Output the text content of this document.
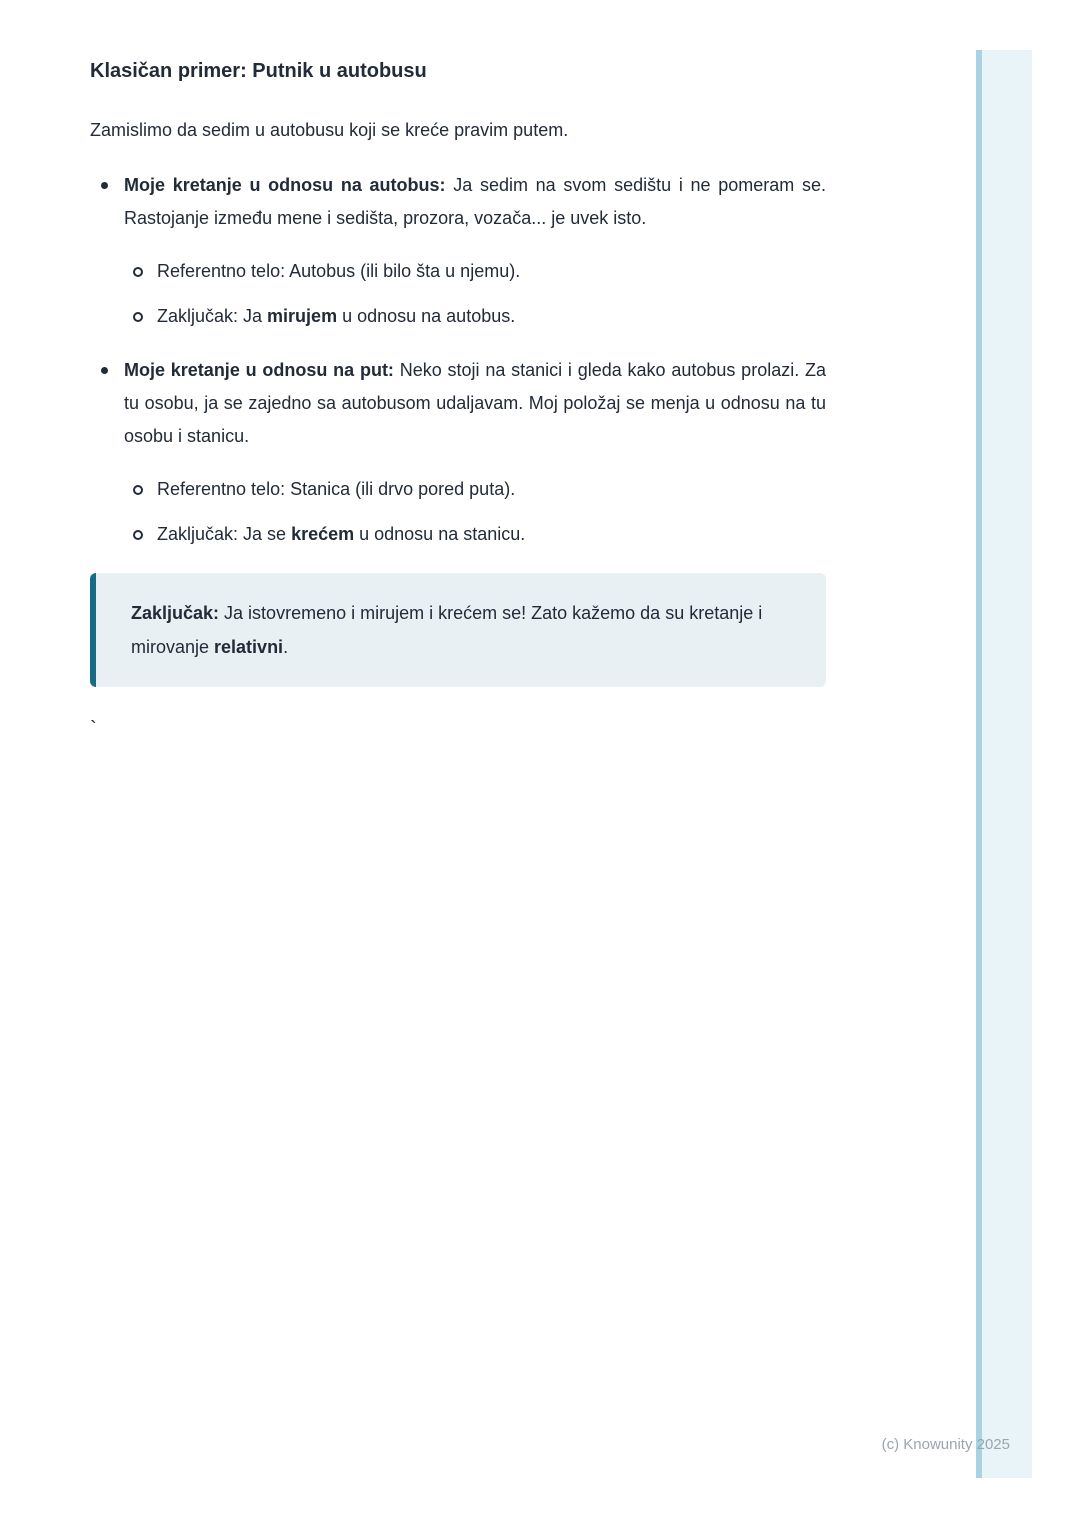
Klasičan primer: Putnik u autobusu

Zamislimo da sedim u autobusu koji se kreće pravim putem.

Moje kretanje u odnosu na autobus: Ja sedim na svom sedištu i ne pomeram se. Rastojanje između mene i sedišta, prozora, vozača... je uvek isto.
Referentno telo: Autobus (ili bilo šta u njemu).
Zaključak: Ja mirujem u odnosu na autobus.
Moje kretanje u odnosu na put: Neko stoji na stanici i gleda kako autobus prolazi. Za tu osobu, ja se zajedno sa autobusom udaljavam. Moj položaj se menja u odnosu na tu osobu i stanicu.
Referentno telo: Stanica (ili drvo pored puta).
Zaključak: Ja se krećem u odnosu na stanicu.
Zaključak: Ja istovremeno i mirujem i krećem se! Zato kažemo da su kretanje i mirovanje relativni.
`
(c) Knowunity 2025
